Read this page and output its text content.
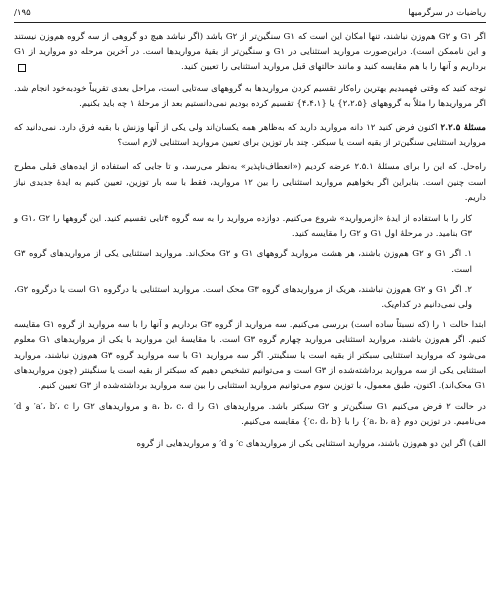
ریاضیات در سرگرمیها
۱۹۵/

اگر G۱ و G۲ هم‌وزن نباشند، تنها امکان این است که G۱ سنگین‌تر از G۲ باشد (اگر نباشد هیچ دو گروهی از سه گروه هم‌وزن نیستند و این ناممکن است). دراین‌صورت مروارید استثنایی در G۱ و سنگین‌تر از بقیهٔ مرواریدها است. در آخرین مرحله دو مروارید از G۱ برداریم و آنها را با هم مقایسه کنید و مانند حالتهای قبل مروارید استثنایی را تعیین کنید.

توجه کنید که وقتی فهمیدیم بهترین راه‌کار تقسیم کردن مرواریدها به گروههای سه‌تایی است، مراحل بعدی تقریباً خودبه‌خود انجام شد. اگر مرواریدها را مثلاً به گروههای {۲،۲،۵} یا {۴،۴،۱} تقسیم کرده بودیم نمی‌دانستیم بعد از مرحلهٔ ۱ چه باید بکنیم.

مسئلهٔ ۲.۲.۵ اکنون فرض کنید ۱۲ دانه مروارید دارید که به‌ظاهر همه یکسان‌اند ولی یکی از آنها وزنش با بقیه فرق دارد. نمی‌دانید که مروارید استثنایی سنگین‌تر از بقیه است یا سبکتر. چند بار توزین برای تعیین مروارید استثنایی لازم است؟

راه‌حل. که این را برای مسئلهٔ ۲.۵.۱ عرضه کردیم («انعطاف‌ناپذیر» به‌نظر می‌رسد، و تا جایی که استفاده از ایده‌های قبلی مطرح است چنین است. بنابراین اگر بخواهیم مروارید استثنایی را بین ۱۲ مروارید، فقط با سه بار توزین، تعیین کنیم به ایدهٔ جدیدی نیاز داریم.

کار را با استفاده از ایدهٔ «ازمروارید» شروع می‌کنیم. دوازده مروارید را به سه گروه ۴تایی تقسیم کنید. این گروهها را G۱، G۲ و G۳ بنامید. در مرحلهٔ اول G۱ و G۲ را مقایسه کنید.

۱. اگر G۱ و G۲ هم‌وزن باشند، هر هشت مروارید گروههای G۱ و G۲ محک‌اند. مروارید استثنایی یکی از مرواریدهای گروه G۳ است.

۲. اگر G۱ و G۲ هم‌وزن نباشند، هریک از مرواریدهای گروه G۳ محک است. مروارید استثنایی یا درگروه G۱ است یا درگروه G۲، ولی نمی‌دانیم در کدام‌یک.

ابتدا حالت ۱ را (که نسبتاً ساده است) بررسی می‌کنیم. سه مروارید از گروه G۳ برداریم و آنها را با سه مروارید از گروه G۱ مقایسه کنیم. اگر هم‌وزن باشند، مروارید استثنایی مروارید چهارم گروه G۳ است. با مقایسهٔ این مروارید با یکی از مرواریدهای G۱ معلوم می‌شود که مروارید استثنایی سبکتر از بقیه است یا سنگینتر. اگر سه مروارید G۱ با سه مروارید گروه G۳ هم‌وزن نباشند، مروارید استثنایی یکی از سه مروارید برداشته‌شده از G۳ است و می‌توانیم تشخیص دهیم که سبکتر از بقیه است یا سنگینتر (چون مرواریدهای G۱ محک‌اند). اکنون، طبق معمول، با توزین سوم می‌توانیم مروارید استثنایی را بین سه مروارید برداشته‌شده از G۳ تعیین کنیم.

در حالت ۲ فرض می‌کنیم G۱ سنگین‌تر و G۲ سبکتر باشد. مرواریدهای G۱ را a، b، c، d و مرواریدهای G۲ را a′، b′، c′ و d′ می‌نامیم. در توزین دوم {a، b، a′} را با {c، d، b′} مقایسه می‌کنیم.

الف) اگر این دو هم‌وزن باشند، مروارید استثنایی یکی از مرواریدهای c′ و d′ و مرواریدهایی از گروه
